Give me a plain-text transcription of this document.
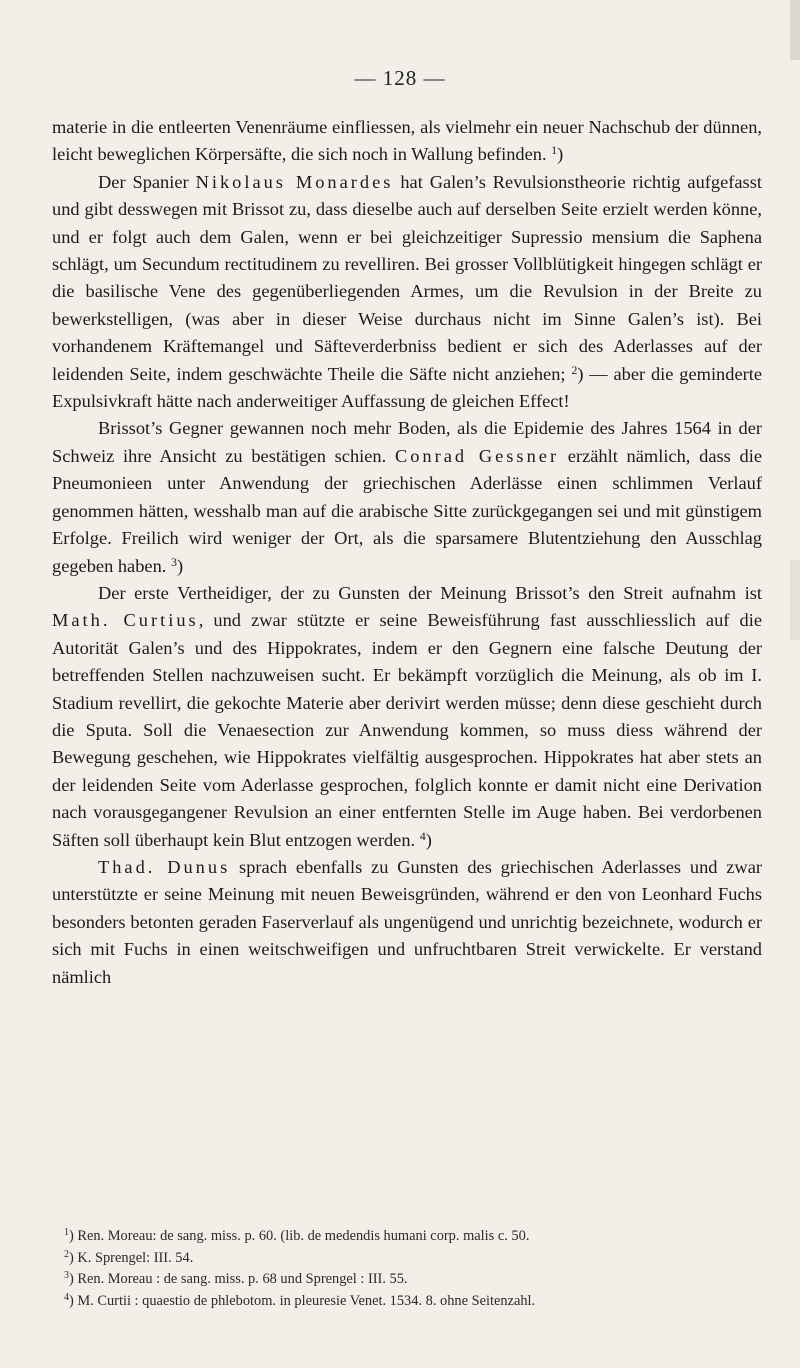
— 128 —

materie in die entleerten Venenräume einfliessen, als vielmehr ein neuer Nachschub der dünnen, leicht beweglichen Körpersäfte, die sich noch in Wallung befinden. $^1$)

Der Spanier Nikolaus Monardes hat Galen’s Revulsionstheorie richtig aufgefasst und gibt desswegen mit Brissot zu, dass dieselbe auch auf derselben Seite erzielt werden könne, und er folgt auch dem Galen, wenn er bei gleichzeitiger Supressio mensium die Saphena schlägt, um Secundum rectitudinem zu revelliren. Bei grosser Vollblütigkeit hingegen schlägt er die basilische Vene des gegenüberliegenden Armes, um die Revulsion in der Breite zu bewerkstelligen, (was aber in dieser Weise durchaus nicht im Sinne Galen’s ist). Bei vorhandenem Kräftemangel und Säfteverderbniss bedient er sich des Aderlasses auf der leidenden Seite, indem geschwächte Theile die Säfte nicht anziehen; $^2$) — aber die geminderte Expulsivkraft hätte nach anderweitiger Auffassung de gleichen Effect!

Brissot’s Gegner gewannen noch mehr Boden, als die Epidemie des Jahres 1564 in der Schweiz ihre Ansicht zu bestätigen schien. Conrad Gessner erzählt nämlich, dass die Pneumonieen unter Anwendung der griechischen Aderlässe einen schlimmen Verlauf genommen hätten, wesshalb man auf die arabische Sitte zurückgegangen sei und mit günstigem Erfolge. Freilich wird weniger der Ort, als die sparsamere Blutentziehung den Ausschlag gegeben haben. $^3$)

Der erste Vertheidiger, der zu Gunsten der Meinung Brissot’s den Streit aufnahm ist Math. Curtius, und zwar stützte er seine Beweisführung fast ausschliesslich auf die Autorität Galen’s und des Hippokrates, indem er den Gegnern eine falsche Deutung der betreffenden Stellen nachzuweisen sucht. Er bekämpft vorzüglich die Meinung, als ob im I. Stadium revellirt, die gekochte Materie aber derivirt werden müsse; denn diese geschieht durch die Sputa. Soll die Venaesection zur Anwendung kommen, so muss diess während der Bewegung geschehen, wie Hippokrates vielfältig ausgesprochen. Hippokrates hat aber stets an der leidenden Seite vom Aderlasse gesprochen, folglich konnte er damit nicht eine Derivation nach vorausgegangener Revulsion an einer entfernten Stelle im Auge haben. Bei verdorbenen Säften soll überhaupt kein Blut entzogen werden. $^4$)

Thad. Dunus sprach ebenfalls zu Gunsten des griechischen Aderlasses und zwar unterstützte er seine Meinung mit neuen Beweisgründen, während er den von Leonhard Fuchs besonders betonten geraden Faserverlauf als ungenügend und unrichtig bezeichnete, wodurch er sich mit Fuchs in einen weitschweifigen und unfruchtbaren Streit verwickelte. Er verstand nämlich

$^1$) Ren. Moreau: de sang. miss. p. 60. (lib. de medendis humani corp. malis c. 50.
$^2$) K. Sprengel: III. 54.
$^3$) Ren. Moreau : de sang. miss. p. 68 und Sprengel : III. 55.
$^4$) M. Curtii : quaestio de phlebotom. in pleuresie Venet. 1534. 8. ohne Seitenzahl.
